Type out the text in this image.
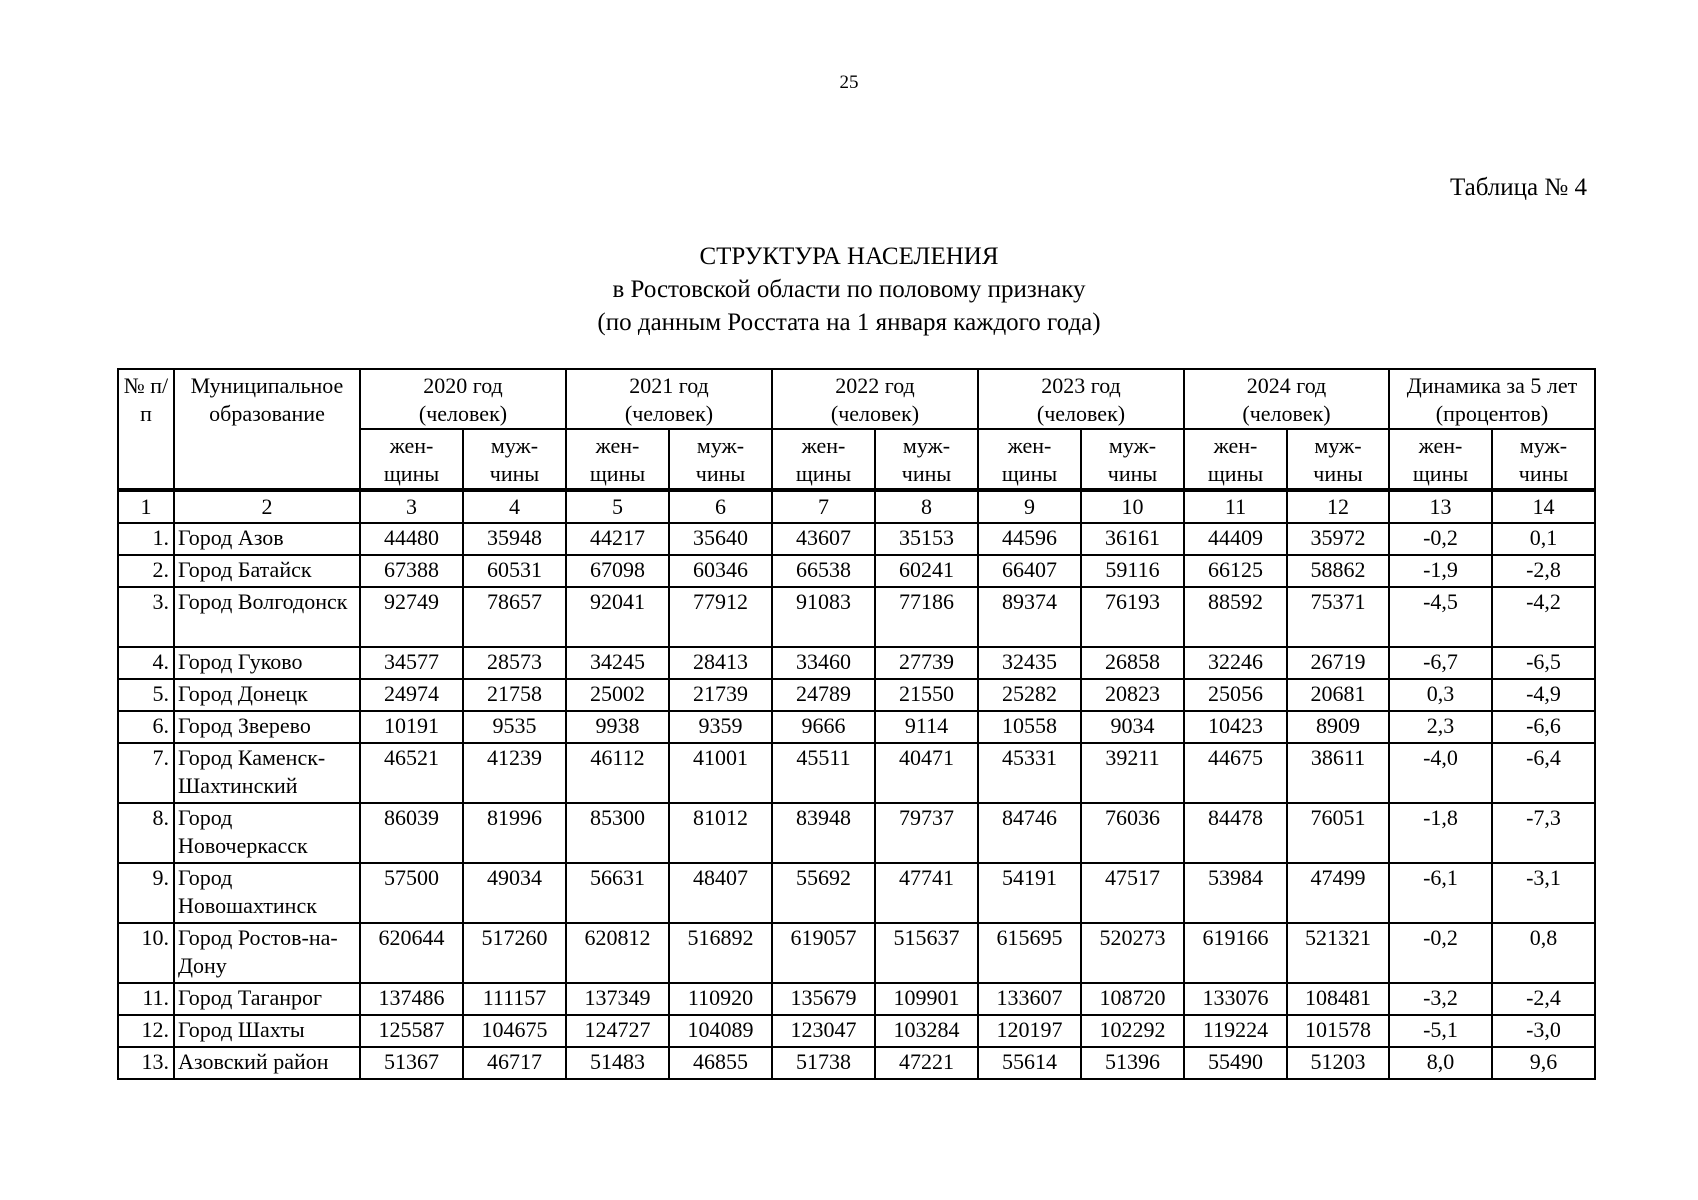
25
Таблица № 4
СТРУКТУРА НАСЕЛЕНИЯ
в Ростовской области по половому признаку
(по данным Росстата на 1 января каждого года)
№ п/п	Муниципальное образование	2020 год (человек)		2021 год (человек)		2022 год (человек)		2023 год (человек)		2024 год (человек)		Динамика за 5 лет (процентов)	
		жен-щины	муж-чины	жен-щины	муж-чины	жен-щины	муж-чины	жен-щины	муж-чины	жен-щины	муж-чины	жен-щины	муж-чины
1	2	3	4	5	6	7	8	9	10	11	12	13	14
1.	Город Азов	44480	35948	44217	35640	43607	35153	44596	36161	44409	35972	-0,2	0,1
2.	Город Батайск	67388	60531	67098	60346	66538	60241	66407	59116	66125	58862	-1,9	-2,8
3.	Город Волгодонск	92749	78657	92041	77912	91083	77186	89374	76193	88592	75371	-4,5	-4,2
4.	Город Гуково	34577	28573	34245	28413	33460	27739	32435	26858	32246	26719	-6,7	-6,5
5.	Город Донецк	24974	21758	25002	21739	24789	21550	25282	20823	25056	20681	0,3	-4,9
6.	Город Зверево	10191	9535	9938	9359	9666	9114	10558	9034	10423	8909	2,3	-6,6
7.	Город Каменск-Шахтинский	46521	41239	46112	41001	45511	40471	45331	39211	44675	38611	-4,0	-6,4
8.	Город Новочеркасск	86039	81996	85300	81012	83948	79737	84746	76036	84478	76051	-1,8	-7,3
9.	Город Новошахтинск	57500	49034	56631	48407	55692	47741	54191	47517	53984	47499	-6,1	-3,1
10.	Город Ростов-на-Дону	620644	517260	620812	516892	619057	515637	615695	520273	619166	521321	-0,2	0,8
11.	Город Таганрог	137486	111157	137349	110920	135679	109901	133607	108720	133076	108481	-3,2	-2,4
12.	Город Шахты	125587	104675	124727	104089	123047	103284	120197	102292	119224	101578	-5,1	-3,0
13.	Азовский район	51367	46717	51483	46855	51738	47221	55614	51396	55490	51203	8,0	9,6
